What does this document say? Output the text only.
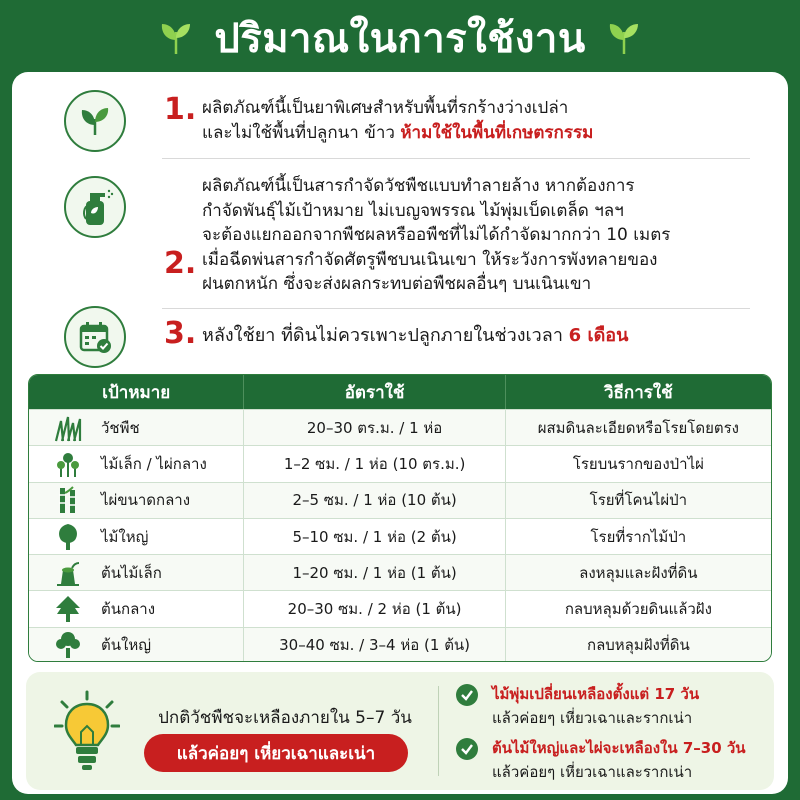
ปริมาณในการใช้งาน
1. ผลิตภัณฑ์นี้เป็นยาพิเศษสำหรับพื้นที่รกร้างว่างเปล่า
และไม่ใช้พื้นที่ปลูกนา ข้าว ห้ามใช้ในพื้นที่เกษตรกรรม
2.
ผลิตภัณฑ์นี้เป็นสารกำจัดวัชพืชแบบทำลายล้าง หากต้องการ
กำจัดพันธุ์ไม้เป้าหมาย ไม่เบญจพรรณ ไม้พุ่มเบ็ดเตล็ด ฯลฯ
จะต้องแยกออกจากพืชผลหรืออพืชที่ไม่ได้กำจัดมากกว่า 10 เมตร
เมื่อฉีดพ่นสารกำจัดศัตรูพืชบนเนินเขา ให้ระวังการพังทลายของ
ฝนตกหนัก ซึ่งจะส่งผลกระทบต่อพืชผลอื่นๆ บนเนินเขา
3. หลังใช้ยา ที่ดินไม่ควรเพาะปลูกภายในช่วงเวลา 6 เดือน
เป้าหมาย	อัตราใช้	วิธีการใช้
วัชพืช	20–30 ตร.ม. / 1 ห่อ	ผสมดินละเอียดหรือโรยโดยตรง
ไม้เล็ก / ไผ่กลาง	1–2 ซม. / 1 ห่อ (10 ตร.ม.)	โรยบนรากของป่าไผ่
ไผ่ขนาดกลาง	2–5 ซม. / 1 ห่อ (10 ต้น)	โรยที่โคนไผ่ป่า
ไม้ใหญ่	5–10 ซม. / 1 ห่อ (2 ต้น)	โรยที่รากไม้ป่า
ต้นไม้เล็ก	1–20 ซม. / 1 ห่อ (1 ต้น)	ลงหลุมและฝังที่ดิน
ต้นกลาง	20–30 ซม. / 2 ห่อ (1 ต้น)	กลบหลุมด้วยดินแล้วฝัง
ต้นใหญ่	30–40 ซม. / 3–4 ห่อ (1 ต้น)	กลบหลุมฝังที่ดิน
ปกติวัชพืชจะเหลืองภายใน 5–7 วัน
แล้วค่อยๆ เหี่ยวเฉาและเน่า
ไม้พุ่มเปลี่ยนเหลืองตั้งแต่ 17 วัน
แล้วค่อยๆ เหี่ยวเฉาและรากเน่า
ต้นไม้ใหญ่และไผ่จะเหลืองใน 7–30 วัน
แล้วค่อยๆ เหี่ยวเฉาและรากเน่า
